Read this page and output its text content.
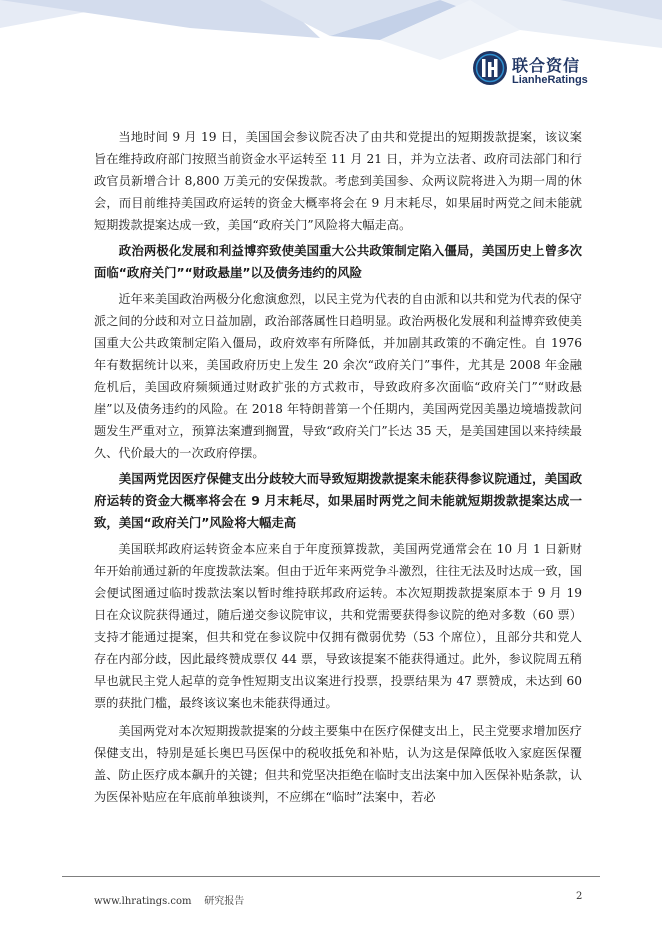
联合资信
LianheRatings

当地时间 9 月 19 日，美国国会参议院否决了由共和党提出的短期拨款提案，该议案旨在维持政府部门按照当前资金水平运转至 11 月 21 日，并为立法者、政府司法部门和行政官员新增合计 8,800 万美元的安保拨款。考虑到美国参、众两议院将进入为期一周的休会，而目前维持美国政府运转的资金大概率将会在 9 月末耗尽，如果届时两党之间未能就短期拨款提案达成一致，美国“政府关门”风险将大幅走高。

政治两极化发展和利益博弈致使美国重大公共政策制定陷入僵局，美国历史上曾多次面临“政府关门”“财政悬崖”以及债务违约的风险

近年来美国政治两极分化愈演愈烈，以民主党为代表的自由派和以共和党为代表的保守派之间的分歧和对立日益加剧，政治部落属性日趋明显。政治两极化发展和利益博弈致使美国重大公共政策制定陷入僵局，政府效率有所降低，并加剧其政策的不确定性。自 1976 年有数据统计以来，美国政府历史上发生 20 余次“政府关门”事件，尤其是 2008 年金融危机后，美国政府频频通过财政扩张的方式救市，导致政府多次面临“政府关门”“财政悬崖”以及债务违约的风险。在 2018 年特朗普第一个任期内，美国两党因美墨边境墙拨款问题发生严重对立，预算法案遭到搁置，导致“政府关门”长达 35 天，是美国建国以来持续最久、代价最大的一次政府停摆。

美国两党因医疗保健支出分歧较大而导致短期拨款提案未能获得参议院通过，美国政府运转的资金大概率将会在 9 月末耗尽，如果届时两党之间未能就短期拨款提案达成一致，美国“政府关门”风险将大幅走高

美国联邦政府运转资金本应来自于年度预算拨款，美国两党通常会在 10 月 1 日新财年开始前通过新的年度拨款法案。但由于近年来两党争斗激烈，往往无法及时达成一致，国会便试图通过临时拨款法案以暂时维持联邦政府运转。本次短期拨款提案原本于 9 月 19 日在众议院获得通过，随后递交参议院审议，共和党需要获得参议院的绝对多数（60 票）支持才能通过提案，但共和党在参议院中仅拥有微弱优势（53 个席位），且部分共和党人存在内部分歧，因此最终赞成票仅 44 票，导致该提案不能获得通过。此外，参议院周五稍早也就民主党人起草的竞争性短期支出议案进行投票，投票结果为 47 票赞成，未达到 60 票的获批门槛，最终该议案也未能获得通过。

美国两党对本次短期拨款提案的分歧主要集中在医疗保健支出上，民主党要求增加医疗保健支出，特别是延长奥巴马医保中的税收抵免和补贴，认为这是保障低收入家庭医保覆盖、防止医疗成本飙升的关键；但共和党坚决拒绝在临时支出法案中加入医保补贴条款，认为医保补贴应在年底前单独谈判，不应绑在“临时”法案中，若必

www.lhratings.com 研究报告	2
